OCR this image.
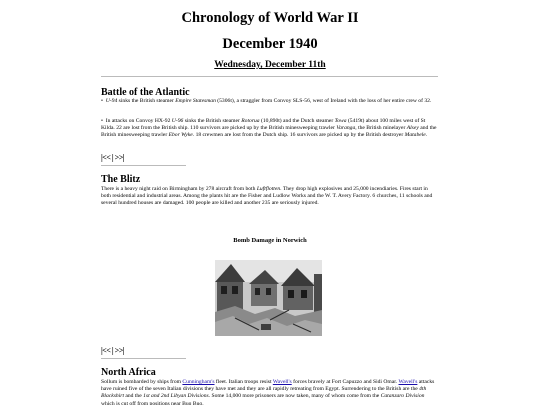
Chronology of World War II
December 1940
Wednesday, December 11th
Battle of the Atlantic
•  U-94 sinks the British steamer Empire Statesman (5306t), a straggler from Convoy SLS-56, west of Ireland with the loss of her entire crew of 32.
•  In attacks on Convoy HX-92 U-96 sinks the British steamer Rotorua (10,890t) and the Dutch steamer Towa (5419t) about 100 miles west of St Kilda. 22 are lost from the British ship. 110 survivors are picked up by the British minesweeping trawler Varanga, the British minelayer Alsey and the British minesweeping trawler Ebor Wyke. 18 crewmen are lost from the Dutch ship. 16 survivors are picked up by the British destroyer Matabele.
|<< | >>|
The Blitz
There is a heavy night raid on Birmingham by 278 aircraft from both Luftflotten. They drop high explosives and 25,000 incendiaries. Fires start in both residential and industrial areas. Among the plants hit are the Fisher and Ludlow Works and the W. T. Avery Factory. 6 churches, 11 schools and several hundred houses are damaged. 100 people are killed and another 235 are seriously injured.
Bomb Damage in Norwich
|<< | >>|
North Africa
Sollum is bombarded by ships from Cunningham's fleet. Italian troops resist Wavell's forces bravely at Fort Capuzzo and Sidi Omar. Wavell's attacks have ruined five of the seven Italian divisions they have met and they are all rapidly retreating from Egypt. Surrendering to the British are the 4th Blackshirt and the 1st and 2nd Libyan Divisions. Some 14,000 more prisoners are now taken, many of whom come from the Catanzaro Division which is cut off from positions near Buq Buq.
